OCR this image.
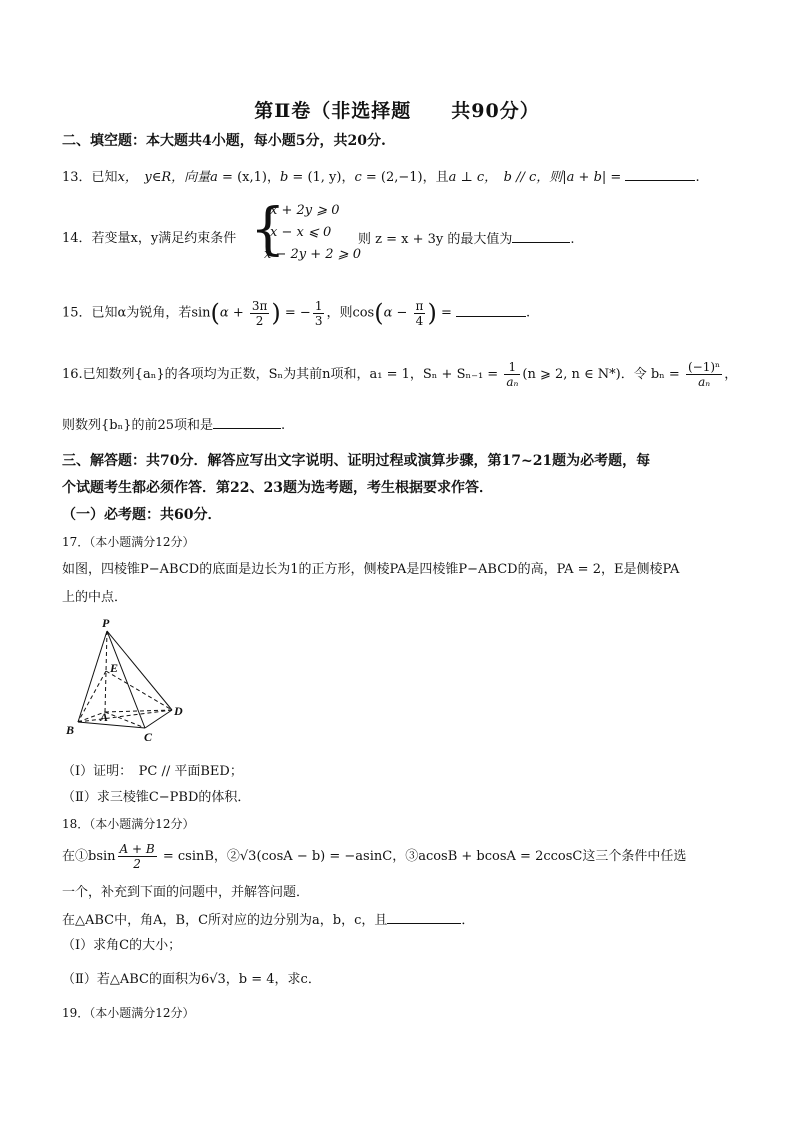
第Ⅱ卷（非选择题　　共90分）
二、填空题：本大题共4小题，每小题5分，共20分.
13．已知x，　y∈R，向量a = (x,1)，b = (1, y)，c = (2,−1)，且a ⊥ c，　b // c，则|a + b| =	.
14．若变量x，y满足约束条件 {
x + 2y ⩾ 0
x − x ⩽ 0
x − 2y + 2 ⩾ 0
则 z = x + 3y 的最大值为	.
15．已知α为锐角，若$\sin(\alpha + \frac{3\pi}{2}$ ) = − $\frac{1}{3}$ ，则$\cos(\alpha - \frac{\pi}{4}$ ) =	.
16.已知数列{aₙ}的各项均为正数，Sₙ为其前n项和，a₁ = 1，$S_n + S_{n-1} = \frac{1}{\text{aₙ}} (n$ ⩾ 2, n ∈ N*)．令 $b_n = \frac{\text{(−1)ⁿ}}{\text{aₙ}}$ ，
则数列{bₙ}的前25项和是	.
三、解答题：共70分．解答应写出文字说明、证明过程或演算步骤，第17~21题为必考题，每
个试题考生都必须作答．第22、23题为选考题，考生根据要求作答．
（一）必考题：共60分．
17．（本小题满分12分）
如图，四棱锥P−ABCD的底面是边长为1的正方形，侧棱PA是四棱锥P−ABCD的高，PA = 2，E是侧棱PA
上的中点．
P
E
A
B	C
D
（Ⅰ）证明：　PC // 平面BED；
（Ⅱ）求三棱锥C−PBD的体积．
18．（本小题满分12分）
在①bsin $\frac{A + B}{2} = csinB$，②√3(cosA − b) = −asinC，③acosB + bcosA = 2ccosC这三个条件中任选
一个，补充到下面的问题中，并解答问题．
在△ABC中，角A，B，C所对应的边分别为a，b，c，且	．
（Ⅰ）求角C的大小；
（Ⅱ）若△ABC的面积为6√3，b = 4，求c．
19．（本小题满分12分）
